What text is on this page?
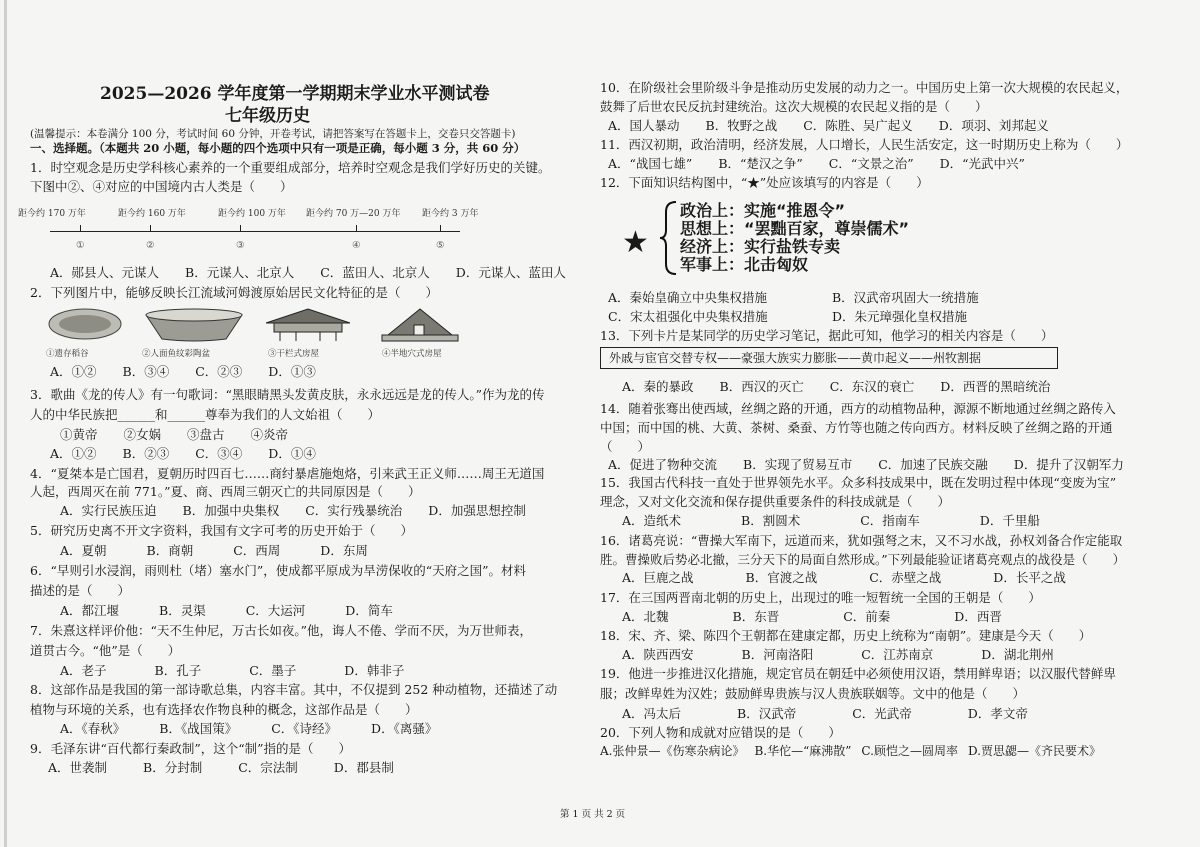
2025—2026 学年度第一学期期末学业水平测试卷
七年级历史
(温馨提示：本卷满分 100 分，考试时间 60 分钟，开卷考试，请把答案写在答题卡上，交卷只交答题卡)
一、选择题。（本题共 20 小题，每小题的四个选项中只有一项是正确，每小题 3 分，共 60 分）
1．时空观念是历史学科核心素养的一个重要组成部分，培养时空观念是我们学好历史的关键。
下图中②、④对应的中国境内古人类是（　　）
距今约 170 万年	距今约 160 万年	距今约 100 万年 距今约 70 万—20 万年 距今约 3 万年
①	②	③	④	⑤
A．郧县人、元谋人 B．元谋人、北京人 C．蓝田人、北京人 D．元谋人、蓝田人
2．下列图片中，能够反映长江流域河姆渡原始居民文化特征的是（　　）
①遗存稻谷	②人面鱼纹彩陶盆	③干栏式房屋	④半地穴式房屋
A．①② B．③④ C．②③ D．①③
3．歌曲《龙的传人》有一句歌词：“黑眼睛黑头发黄皮肤，永永远远是龙的传人。”作为龙的传
人的中华民族把______和______尊奉为我们的人文始祖（　　）
①黄帝 ②女娲 ③盘古 ④炎帝
A．①② B．②③ C．③④ D．①④
4．“夏桀本是亡国君，夏朝历时四百七……商纣暴虐施炮烙，引来武王正义师……周王无道国
人起，西周灭在前 771。”夏、商、西周三朝灭亡的共同原因是（　　）
A．实行民族压迫 B．加强中央集权 C．实行残暴统治 D．加强思想控制
5．研究历史离不开文字资料，我国有文字可考的历史开始于（　　）
A．夏朝	B．商朝	C．西周	D．东周
6．“早则引水浸润，雨则杜（堵）塞水门”，使成都平原成为旱涝保收的“天府之国”。材料
描述的是（　　）
A．都江堰	B．灵渠	C．大运河	D．简车
7．朱熹这样评价他：“天不生仲尼，万古长如夜。”他，诲人不倦、学而不厌，为万世师表，
道贯古今。“他”是（　　）
A．老子	B．孔子	C．墨子	D．韩非子
8．这部作品是我国的第一部诗歌总集，内容丰富。其中，不仅提到 252 种动植物，还描述了动
植物与环境的关系，也有选择农作物良种的概念，这部作品是（　　）
A．《春秋》	B．《战国策》	C．《诗经》	D．《离骚》
9．毛泽东讲“百代都行秦政制”，这个“制”指的是（　　）
A．世袭制	B．分封制	C．宗法制	D．郡县制
10．在阶级社会里阶级斗争是推动历史发展的动力之一。中国历史上第一次大规模的农民起义，
鼓舞了后世农民反抗封建统治。这次大规模的农民起义指的是（　　）
A．国人暴动 B．牧野之战 C．陈胜、吴广起义 D．项羽、刘邦起义
11．西汉初期，政治清明，经济发展，人口增长，人民生活安定，这一时期历史上称为（　　）
A．“战国七雄” B．“楚汉之争” C．“文景之治” D．“光武中兴”
12．下面知识结构图中，“★”处应该填写的内容是（　　）
★
政治上：实施“推恩令”
思想上：“罢黜百家，尊崇儒术”
经济上：实行盐铁专卖
军事上：北击匈奴
A．秦始皇确立中央集权措施	B．汉武帝巩固大一统措施
C．宋太祖强化中央集权措施	D．朱元璋强化皇权措施
13．下列卡片是某同学的历史学习笔记，据此可知，他学习的相关内容是（　　）
外戚与宦官交替专权——豪强大族实力膨胀——黄巾起义——州牧割据
A．秦的暴政 B．西汉的灭亡 C．东汉的衰亡 D．西晋的黑暗统治
14．随着张骞出使西域，丝绸之路的开通，西方的动植物品种，源源不断地通过丝绸之路传入
中国；而中国的桃、大黄、茶树、桑蚕、方竹等也随之传向西方。材料反映了丝绸之路的开通
（　　）
A．促进了物种交流 B．实现了贸易互市 C．加速了民族交融 D．提升了汉朝军力
15．我国古代科技一直处于世界领先水平。众多科技成果中，既在发明过程中体现“变废为宝”
理念，又对文化交流和保存提供重要条件的科技成就是（　　）
A．造纸术	B．割圆术	C．指南车	D．千里船
16．诸葛亮说：“曹操大军南下，远道而来，犹如强弩之末，又不习水战，孙权刘备合作定能取
胜。曹操败后势必北撤，三分天下的局面自然形成。”下列最能验证诸葛亮观点的战役是（　　）
A．巨鹿之战	B．官渡之战	C．赤壁之战	D．长平之战
17．在三国两晋南北朝的历史上，出现过的唯一短暂统一全国的王朝是（　　）
A．北魏	B．东晋	C．前秦	D．西晋
18．宋、齐、梁、陈四个王朝都在建康定都，历史上统称为“南朝”。建康是今天（　　）
A．陕西西安	B．河南洛阳	C．江苏南京	D．湖北荆州
19．他进一步推进汉化措施，规定官员在朝廷中必须使用汉语，禁用鲜卑语；以汉服代替鲜卑
服；改鲜卑姓为汉姓；鼓励鲜卑贵族与汉人贵族联姻等。文中的他是（　　）
A．冯太后	B．汉武帝	C．光武帝	D．孝文帝
20．下列人物和成就对应错误的是（　　）
A.张仲景—《伤寒杂病论》 B.华佗—“麻沸散” C.顾恺之—圆周率 D.贾思勰—《齐民要术》
第 1 页 共 2 页
